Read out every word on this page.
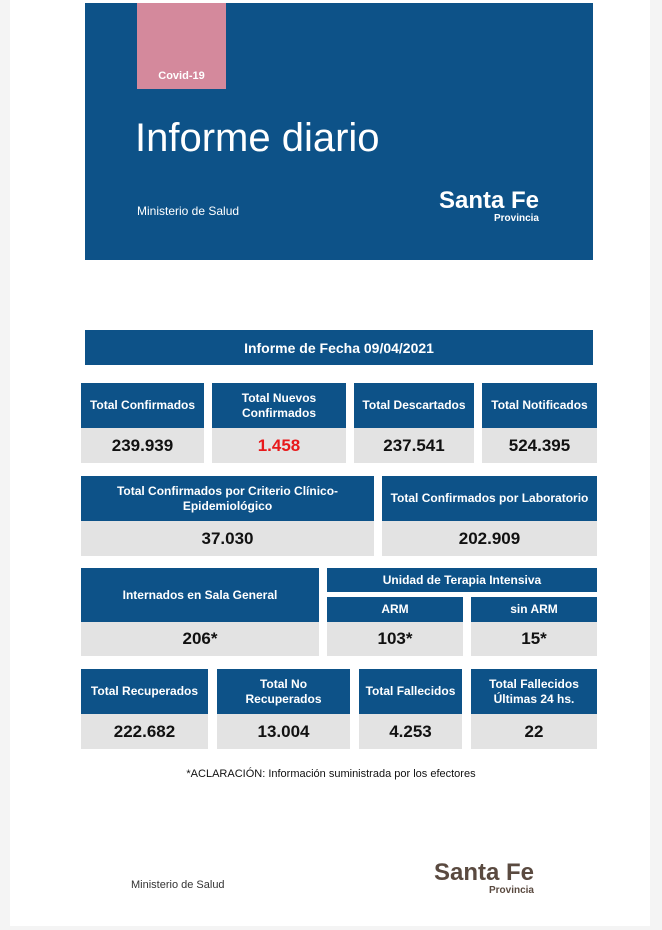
Covid-19
Informe diario
Ministerio de Salud	Santa Fe
Provincia
Informe de Fecha 09/04/2021
Total Confirmados
239.939
Total Nuevos Confirmados
1.458
Total Descartados
237.541
Total Notificados
524.395
Total Confirmados por Criterio Clínico-Epidemiológico
37.030
Total Confirmados por Laboratorio
202.909
Internados en Sala General
206*
Unidad de Terapia Intensiva
ARM
103*
sin ARM
15*
Total Recuperados
222.682
Total No Recuperados
13.004
Total Fallecidos
4.253
Total Fallecidos Últimas 24 hs.
22
*ACLARACIÓN: Información suministrada por los efectores
Ministerio de Salud	Santa Fe
Provincia
